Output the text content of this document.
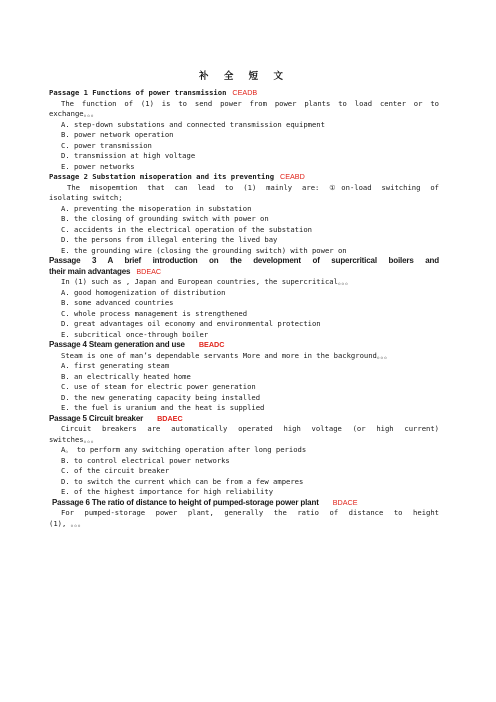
补 全 短 文
Passage 1 Functions of power transmission CEADB
The function of (1) is to send power from power plants to load center or to
exchange。。。
A. step-down substations and connected transmission equipment
B. power network operation
C. power transmission
D. transmission at high voltage
E. power networks
Passage 2 Substation misoperation and its preventing CEABD
The misopemtion that can lead to (1) mainly are: ①on-load switching of
isolating switch;
A. preventing the misoperation in substation
B. the closing of grounding switch with power on
C. accidents in the electrical operation of the substation
D. the persons from illegal entering the lived bay
E. the grounding wire (closing the grounding switch) with power on
Passage 3 A brief introduction on the development of supercritical boilers and
their main advantages BDEAC
In (1) such as , Japan and European countries, the supercritical。。。
A. good homogenization of distribution
B. some advanced countries
C. whole process management is strengthened
D. great advantages oil economy and environmental protection
E. subcritical once-through boiler
Passage 4 Steam generation and use BEADC
Steam is one of man’s dependable servants More and more in the background。。。
A. first generating steam
B. an electrically heated home
C. use of steam for electric power generation
D. the new generating capacity being installed
E. the fuel is uranium and the heat is supplied
Passage 5 Circuit breaker BDAEC
Circuit breakers are automatically operated high voltage (or high current)
switches。。。
A。 to perform any switching operation after long periods
B. to control electrical power networks
C. of the circuit breaker
D. to switch the current which can be from a few amperes
E. of the highest importance for high reliability
Passage 6 The ratio of distance to height of pumped-storage power plant BDACE
For pumped-storage power plant, generally the ratio of distance to height
(1), 。。。
